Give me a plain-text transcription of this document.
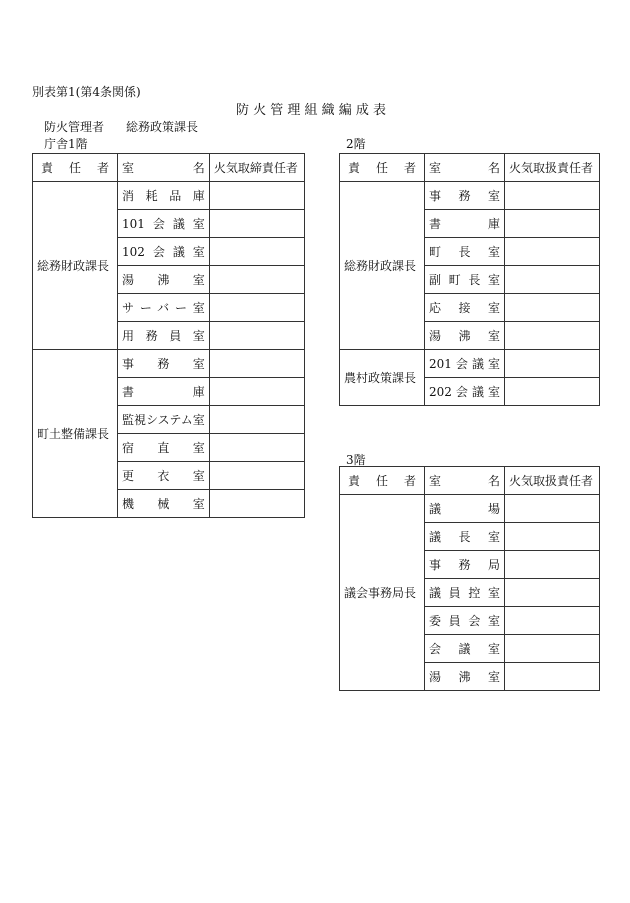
別表第1(第4条関係)
防 火 管 理 組 織 編 成 表
防火管理者 総務政策課長
庁舎1階
責 任 者	室 名	火気取締責任者
総務財政課長	消 耗 品 庫	
	101会議室	
	102会議室	
	湯 沸 室	
	サーバー室	
	用 務 員 室	
町土整備課長	事 務 室	
	書 庫	
	監視システム室	
	宿 直 室	
	更 衣 室	
	機 械 室	
2階
責 任 者	室 名	火気取扱責任者
総務財政課長	事 務 室	
	書 庫	
	町 長 室	
	副 町 長 室	
	応 接 室	
	湯 沸 室	
農村政策課長	201会議室	
	202会議室	
3階
責 任 者	室 名	火気取扱責任者
議会事務局長	議 場	
	議 長 室	
	事 務 局	
	議 員 控 室	
	委 員 会 室	
	会 議 室	
	湯 沸 室	
